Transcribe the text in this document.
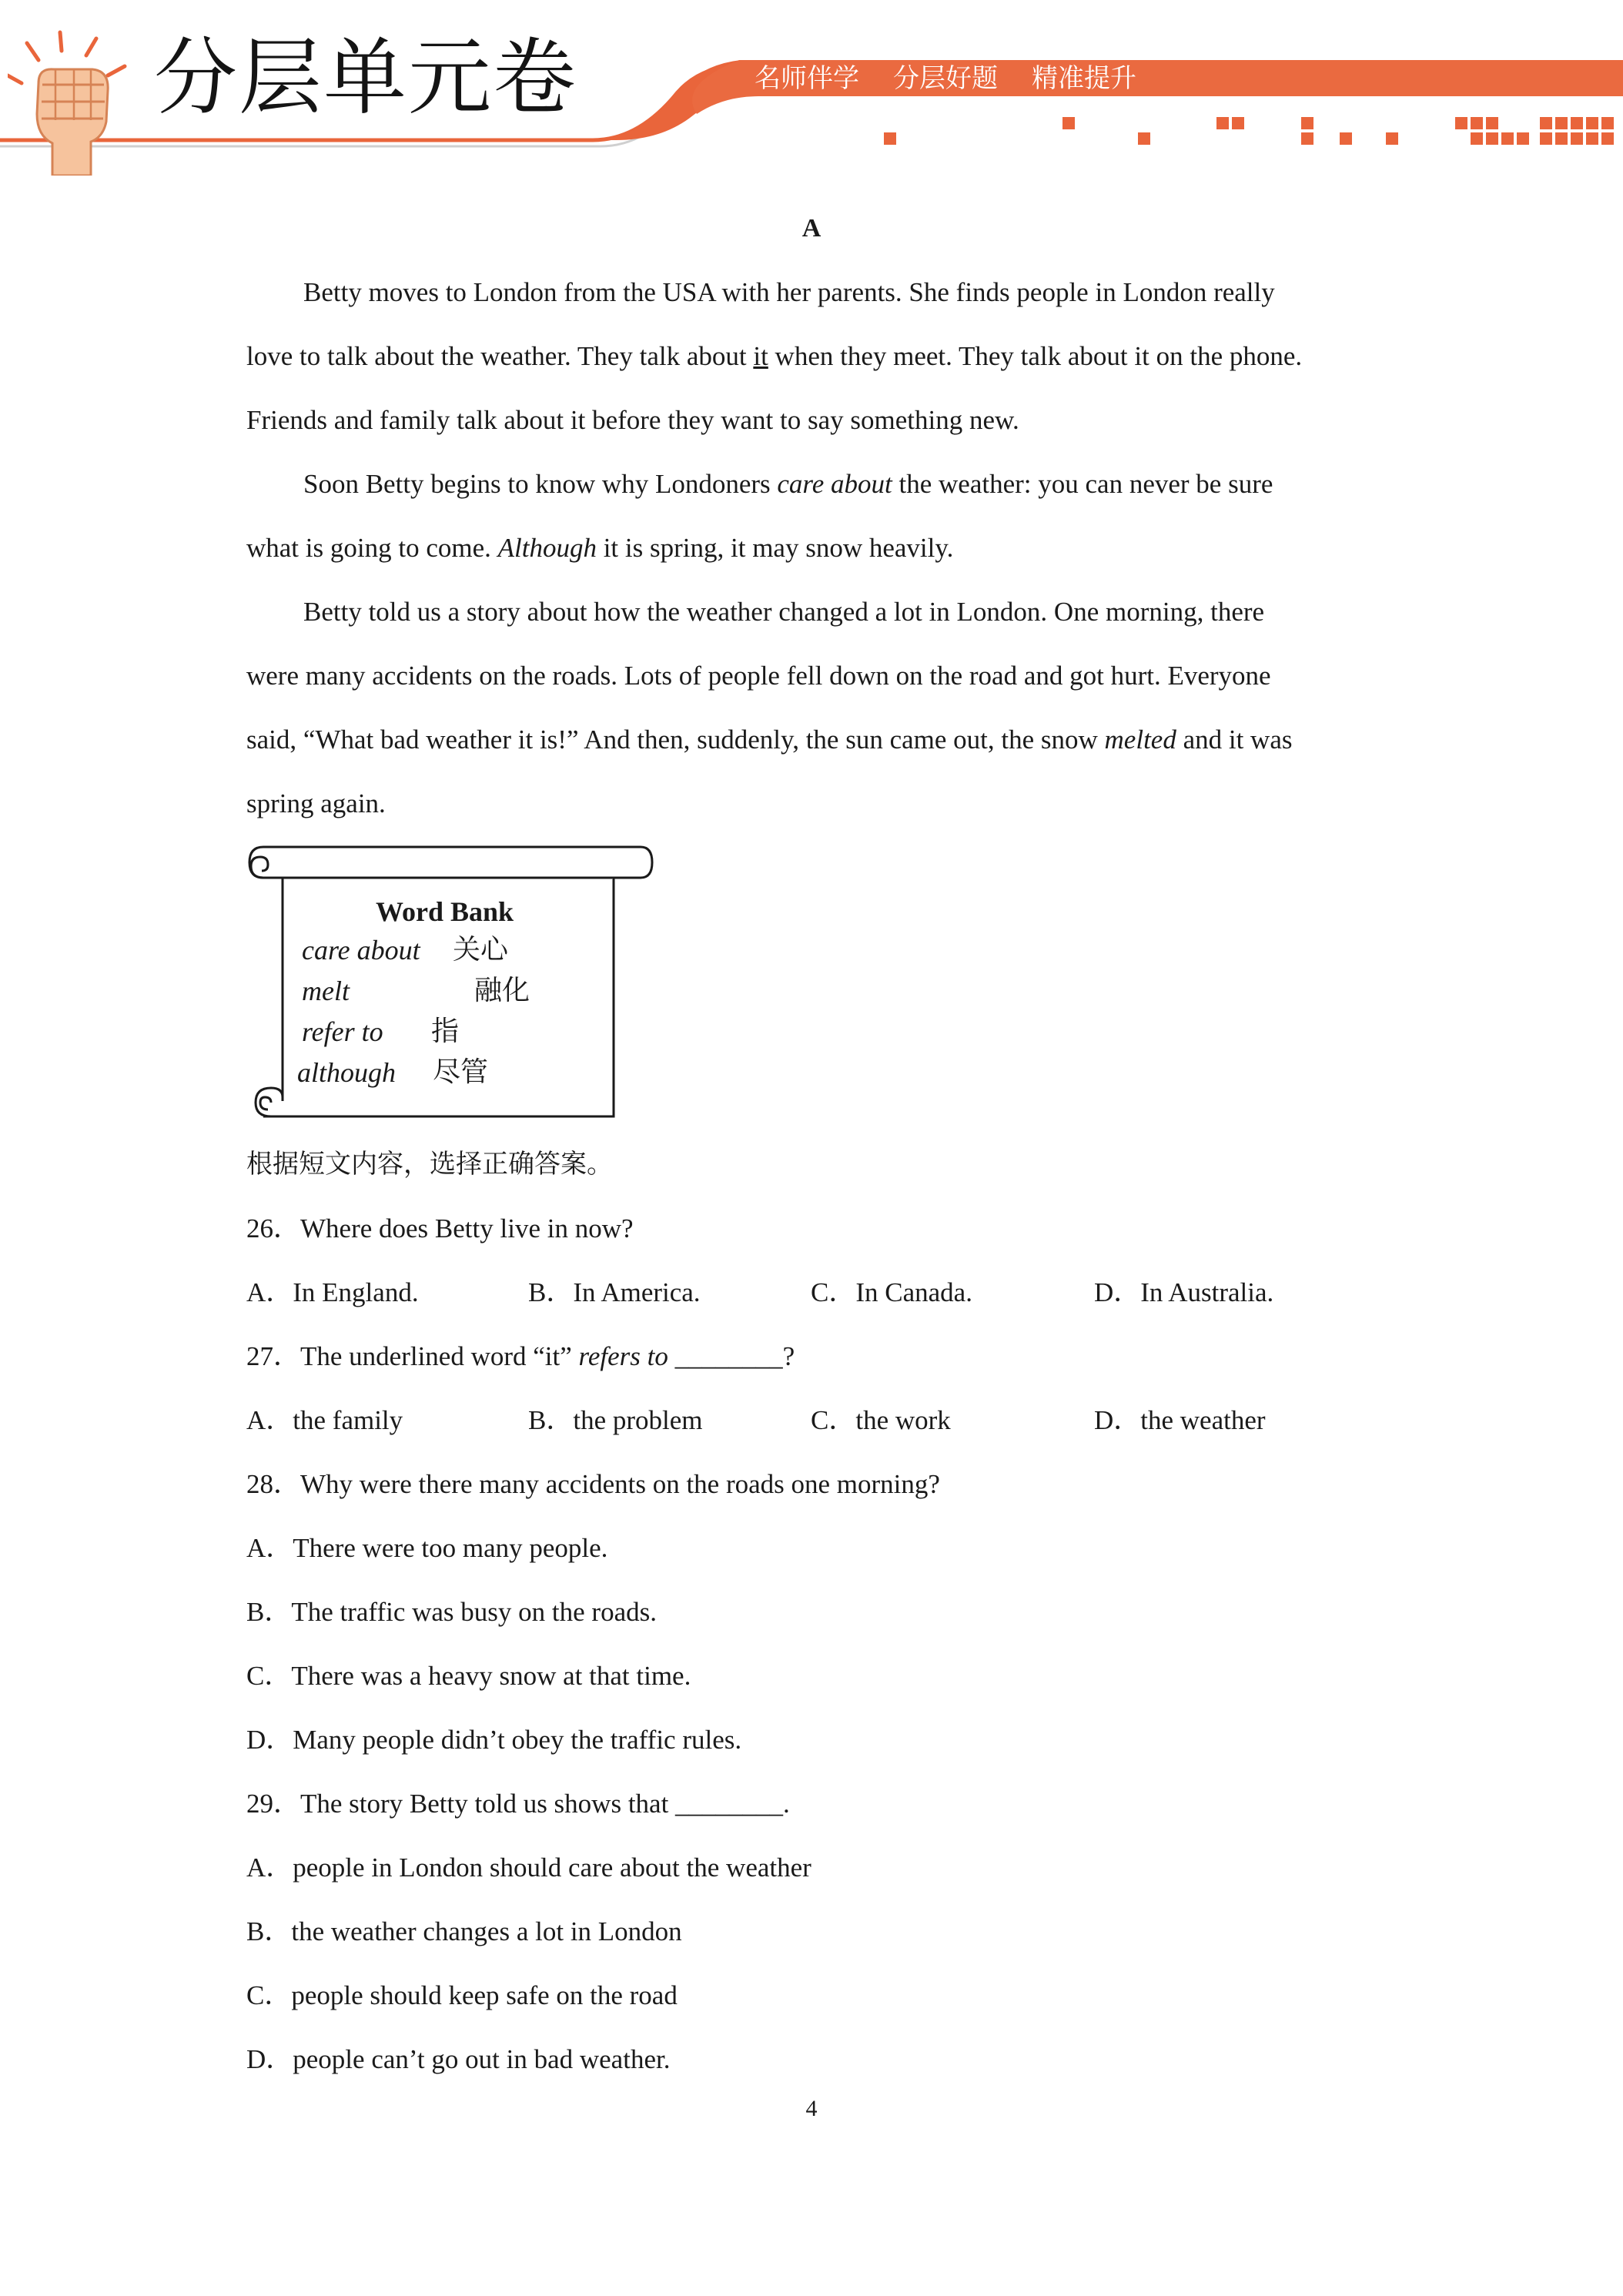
分层单元卷	名师伴学 分层好题 精准提升
A
Betty moves to London from the USA with her parents. She finds people in London really
love to talk about the weather. They talk about it when they meet. They talk about it on the phone.
Friends and family talk about it before they want to say something new.
Soon Betty begins to know why Londoners care about the weather: you can never be sure
what is going to come. Although it is spring, it may snow heavily.
Betty told us a story about how the weather changed a lot in London. One morning, there
were many accidents on the roads. Lots of people fell down on the road and got hurt. Everyone
said, “What bad weather it is!” And then, suddenly, the sun came out, the snow melted and it was
spring again.
Word Bank
care about 关心
melt	融化
refer to 指
although 尽管
根据短文内容，选择正确答案。
26．Where does Betty live in now?
A．In England.	B．In America.	C．In Canada.	D．In Australia.
27．The underlined word “it” refers to ________?
A．the family	B．the problem	C．the work	D．the weather
28．Why were there many accidents on the roads one morning?
A．There were too many people.
B．The traffic was busy on the roads.
C．There was a heavy snow at that time.
D．Many people didn’t obey the traffic rules.
29．The story Betty told us shows that ________.
A．people in London should care about the weather
B．the weather changes a lot in London
C．people should keep safe on the road
D．people can’t go out in bad weather.
4
